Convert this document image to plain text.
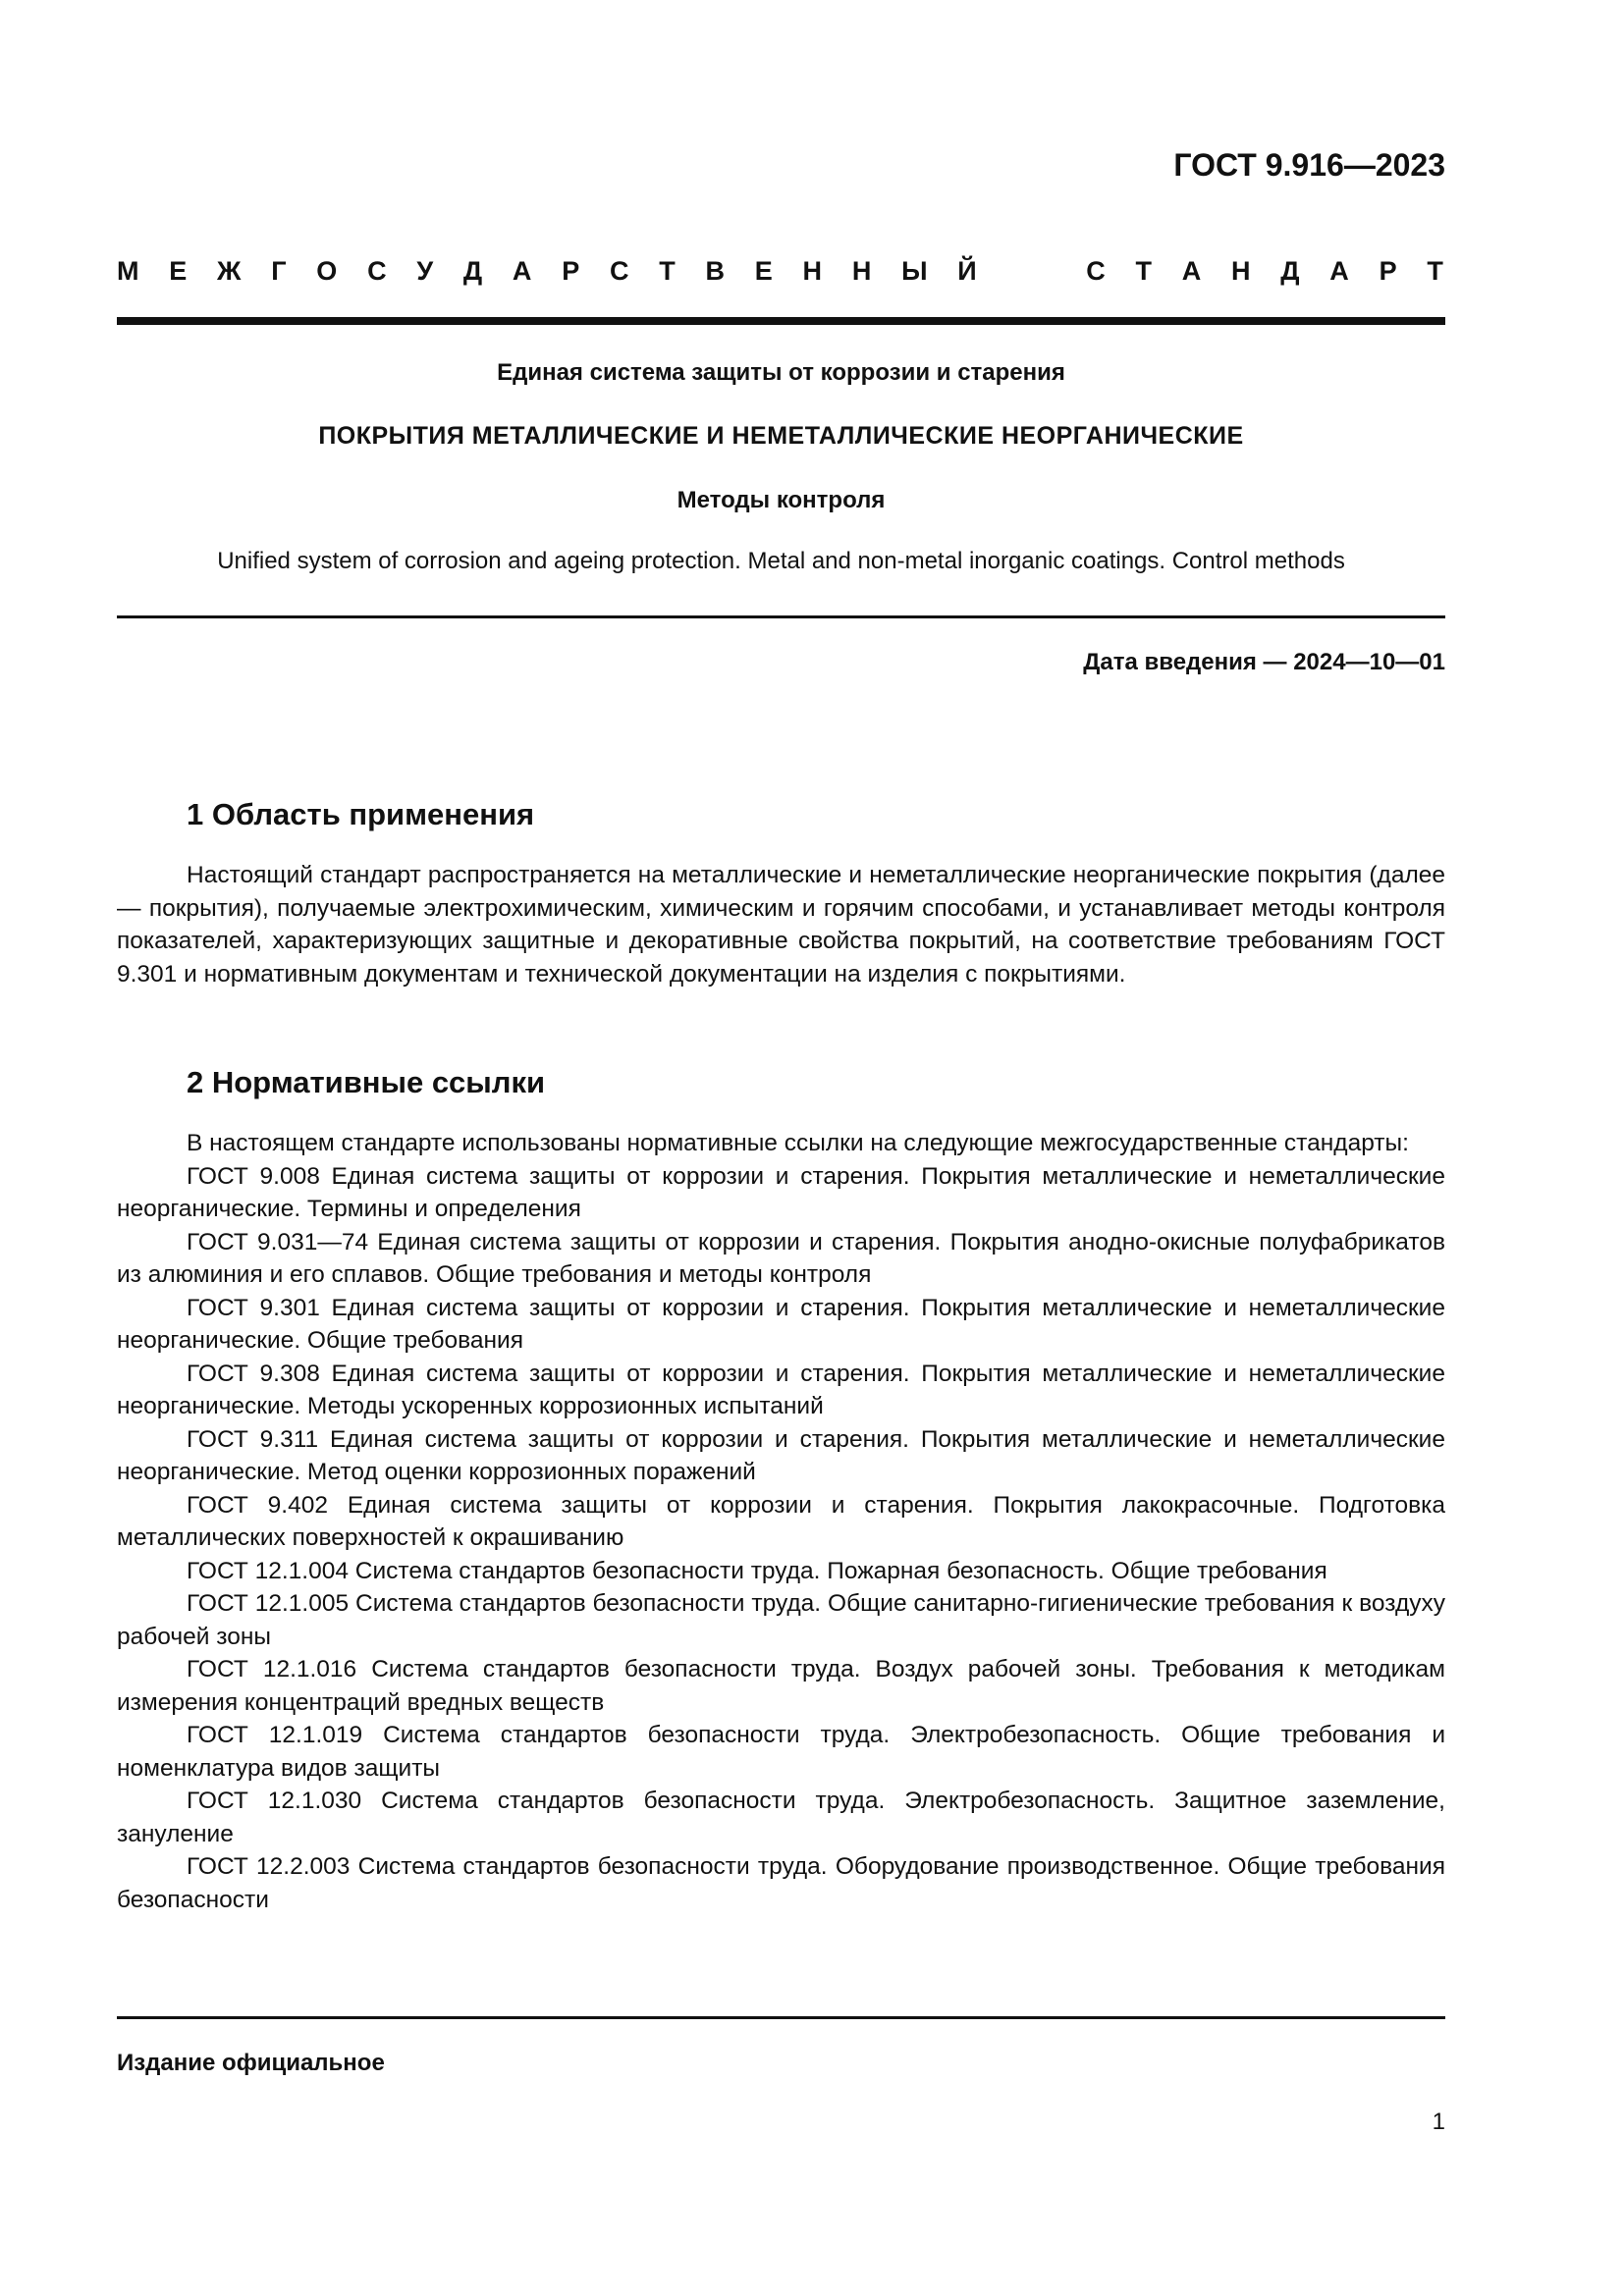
ГОСТ 9.916—2023
М Е Ж Г О С У Д А Р С Т В Е Н Н Ы Й	С Т А Н Д А Р Т
Единая система защиты от коррозии и старения
ПОКРЫТИЯ МЕТАЛЛИЧЕСКИЕ И НЕМЕТАЛЛИЧЕСКИЕ НЕОРГАНИЧЕСКИЕ
Методы контроля
Unified system of corrosion and ageing protection. Metal and non-metal inorganic coatings. Control methods
Дата введения — 2024—10—01
1 Область применения

Настоящий стандарт распространяется на металлические и неметаллические неорганические покрытия (далее — покрытия), получаемые электрохимическим, химическим и горячим способами, и устанавливает методы контроля показателей, характеризующих защитные и декоративные свойства покрытий, на соответствие требованиям ГОСТ 9.301 и нормативным документам и технической документации на изделия с покрытиями.

2 Нормативные ссылки

В настоящем стандарте использованы нормативные ссылки на следующие межгосударственные стандарты:

ГОСТ 9.008 Единая система защиты от коррозии и старения. Покрытия металлические и неметаллические неорганические. Термины и определения

ГОСТ 9.031—74 Единая система защиты от коррозии и старения. Покрытия анодно-окисные полуфабрикатов из алюминия и его сплавов. Общие требования и методы контроля

ГОСТ 9.301 Единая система защиты от коррозии и старения. Покрытия металлические и неметаллические неорганические. Общие требования

ГОСТ 9.308 Единая система защиты от коррозии и старения. Покрытия металлические и неметаллические неорганические. Методы ускоренных коррозионных испытаний

ГОСТ 9.311 Единая система защиты от коррозии и старения. Покрытия металлические и неметаллические неорганические. Метод оценки коррозионных поражений

ГОСТ 9.402 Единая система защиты от коррозии и старения. Покрытия лакокрасочные. Подготовка металлических поверхностей к окрашиванию

ГОСТ 12.1.004 Система стандартов безопасности труда. Пожарная безопасность. Общие требования

ГОСТ 12.1.005 Система стандартов безопасности труда. Общие санитарно-гигиенические требования к воздуху рабочей зоны

ГОСТ 12.1.016 Система стандартов безопасности труда. Воздух рабочей зоны. Требования к методикам измерения концентраций вредных веществ

ГОСТ 12.1.019 Система стандартов безопасности труда. Электробезопасность. Общие требования и номенклатура видов защиты

ГОСТ 12.1.030 Система стандартов безопасности труда. Электробезопасность. Защитное заземление, зануление

ГОСТ 12.2.003 Система стандартов безопасности труда. Оборудование производственное. Общие требования безопасности

Издание официальное
1
